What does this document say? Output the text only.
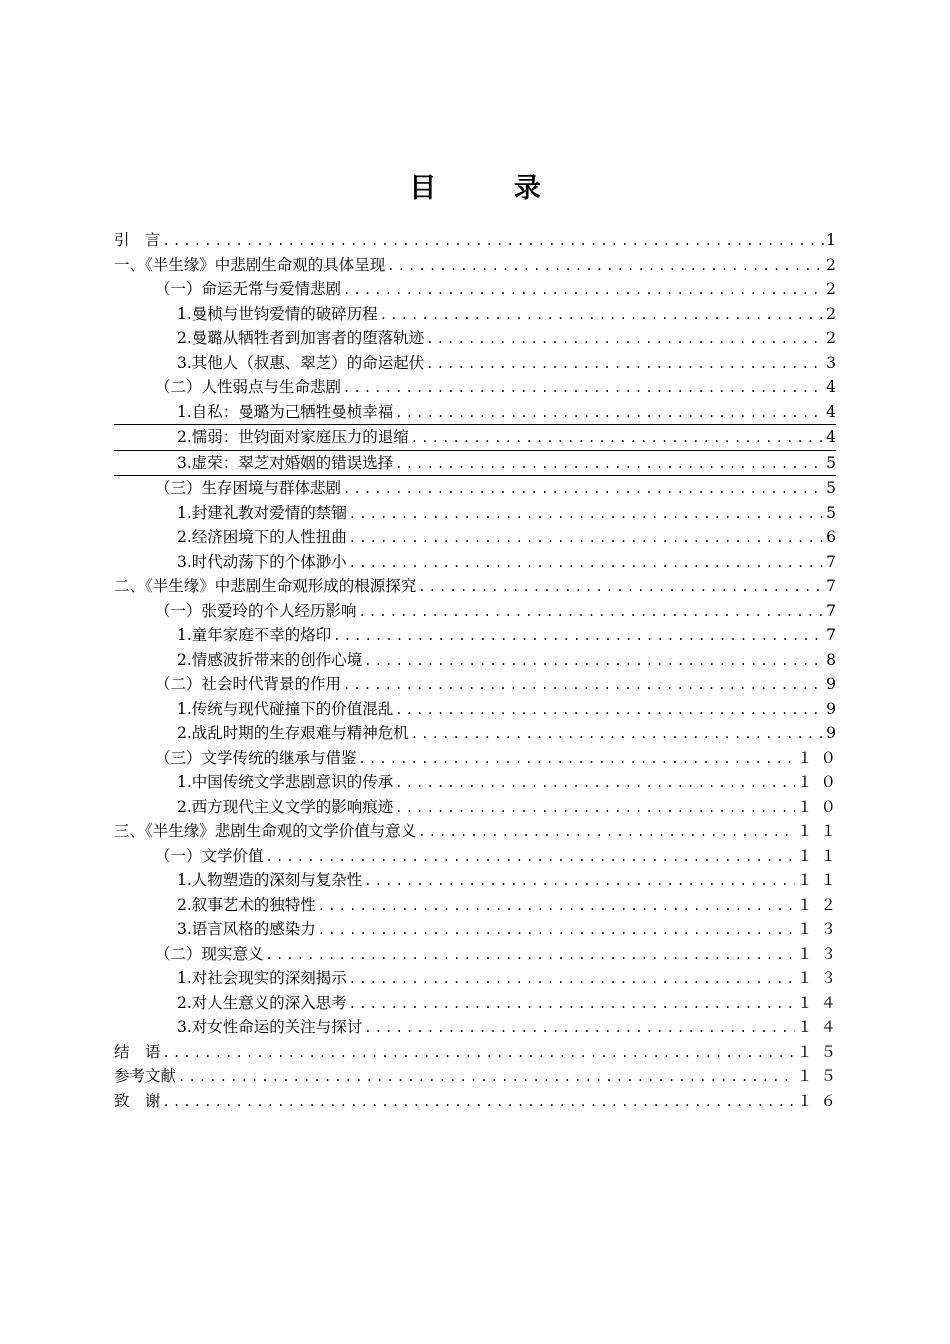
目 录
引　言 .....	1
一、《半生缘》中悲剧生命观的具体呈现 .....	2
（一）命运无常与爱情悲剧 .....	2
1.曼桢与世钧爱情的破碎历程 .....	2
2.曼璐从牺牲者到加害者的堕落轨迹 .....	2
3.其他人（叔惠、翠芝）的命运起伏 .....	3
（二）人性弱点与生命悲剧 .....	4
1.自私：曼璐为己牺牲曼桢幸福 .....	4
2.懦弱：世钧面对家庭压力的退缩 .....	4
3.虚荣：翠芝对婚姻的错误选择 .....	5
（三）生存困境与群体悲剧 .....	5
1.封建礼教对爱情的禁锢 .....	5
2.经济困境下的人性扭曲 .....	6
3.时代动荡下的个体渺小 .....	7
二、《半生缘》中悲剧生命观形成的根源探究 .....	7
（一）张爱玲的个人经历影响 .....	7
1.童年家庭不幸的烙印 .....	7
2.情感波折带来的创作心境 .....	8
（二）社会时代背景的作用 .....	9
1.传统与现代碰撞下的价值混乱 .....	9
2.战乱时期的生存艰难与精神危机 .....	9
（三）文学传统的继承与借鉴 .....	１０
1.中国传统文学悲剧意识的传承 .....	１０
2.西方现代主义文学的影响痕迹 .....	１０
三、《半生缘》悲剧生命观的文学价值与意义 .....	１１
（一）文学价值 .....	１１
1.人物塑造的深刻与复杂性 .....	１１
2.叙事艺术的独特性 .....	１２
3.语言风格的感染力 .....	１３
（二）现实意义 .....	１３
1.对社会现实的深刻揭示 .....	１３
2.对人生意义的深入思考 .....	１４
3.对女性命运的关注与探讨 .....	１４
结　语 .....	１５
参考文献 .....	１５
致　谢 .....	１６
